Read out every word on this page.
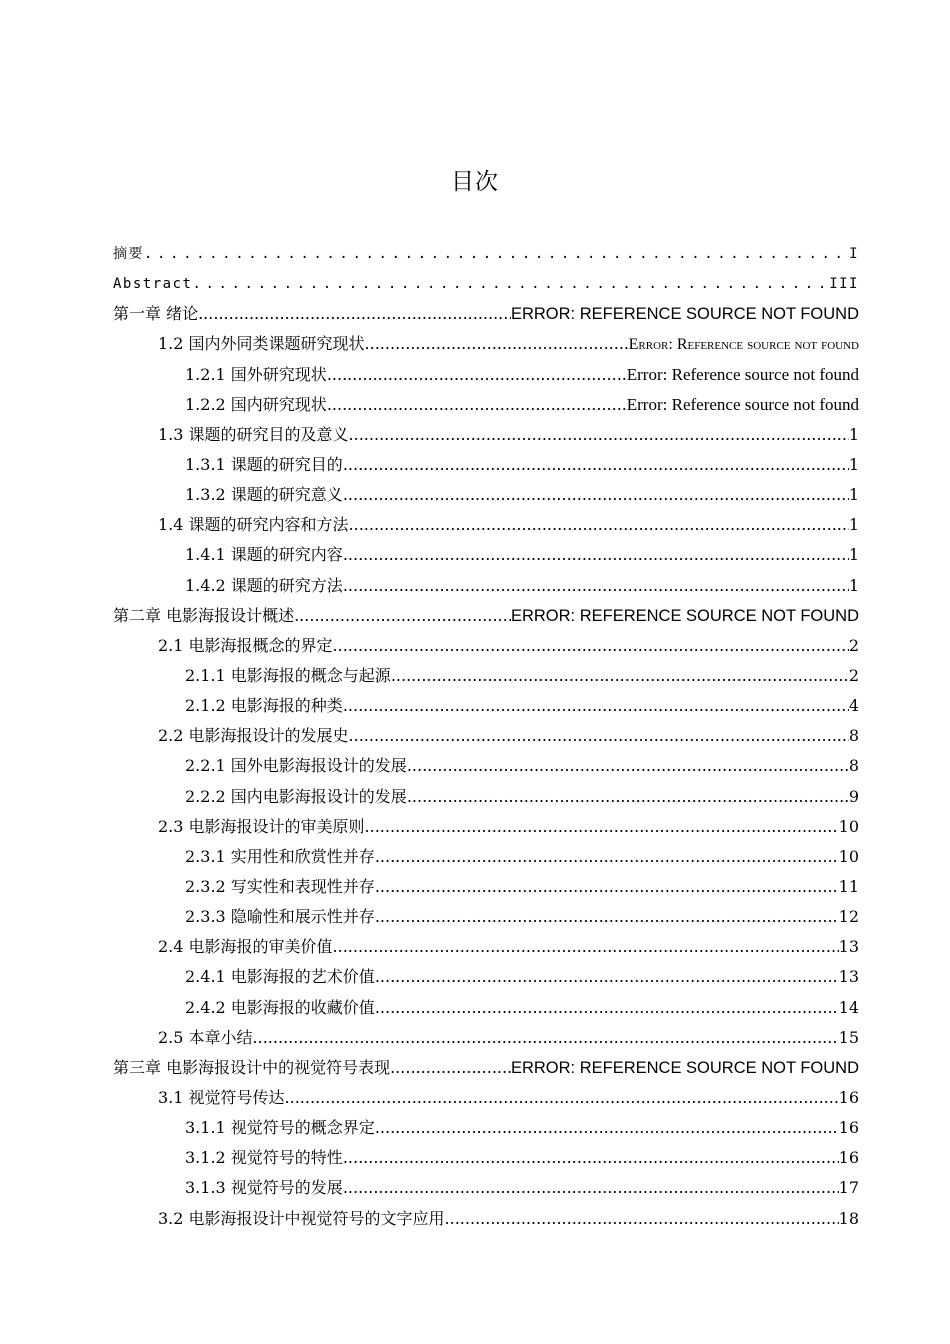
目次
摘要 .....	I
Abstract .....	III
第一章 绪论 .....	ERROR: REFERENCE SOURCE NOT FOUND
1.2 国内外同类课题研究现状 .....	Error: Reference source not found
1.2.1 国外研究现状 .....	Error: Reference source not found
1.2.2 国内研究现状 .....	Error: Reference source not found
1.3 课题的研究目的及意义 .....	1
1.3.1 课题的研究目的 .....	1
1.3.2 课题的研究意义 .....	1
1.4 课题的研究内容和方法 .....	1
1.4.1 课题的研究内容 .....	1
1.4.2 课题的研究方法 .....	1
第二章 电影海报设计概述 .....	ERROR: REFERENCE SOURCE NOT FOUND
2.1 电影海报概念的界定 .....	2
2.1.1 电影海报的概念与起源 .....	2
2.1.2 电影海报的种类 .....	4
2.2 电影海报设计的发展史 .....	8
2.2.1 国外电影海报设计的发展 .....	8
2.2.2 国内电影海报设计的发展 .....	9
2.3 电影海报设计的审美原则 .....	10
2.3.1 实用性和欣赏性并存 .....	10
2.3.2 写实性和表现性并存 .....	11
2.3.3 隐喻性和展示性并存 .....	12
2.4 电影海报的审美价值 .....	13
2.4.1 电影海报的艺术价值 .....	13
2.4.2 电影海报的收藏价值 .....	14
2.5 本章小结 .....	15
第三章 电影海报设计中的视觉符号表现 .....	ERROR: REFERENCE SOURCE NOT FOUND
3.1 视觉符号传达 .....	16
3.1.1 视觉符号的概念界定 .....	16
3.1.2 视觉符号的特性 .....	16
3.1.3 视觉符号的发展 .....	17
3.2 电影海报设计中视觉符号的文字应用 .....	18
